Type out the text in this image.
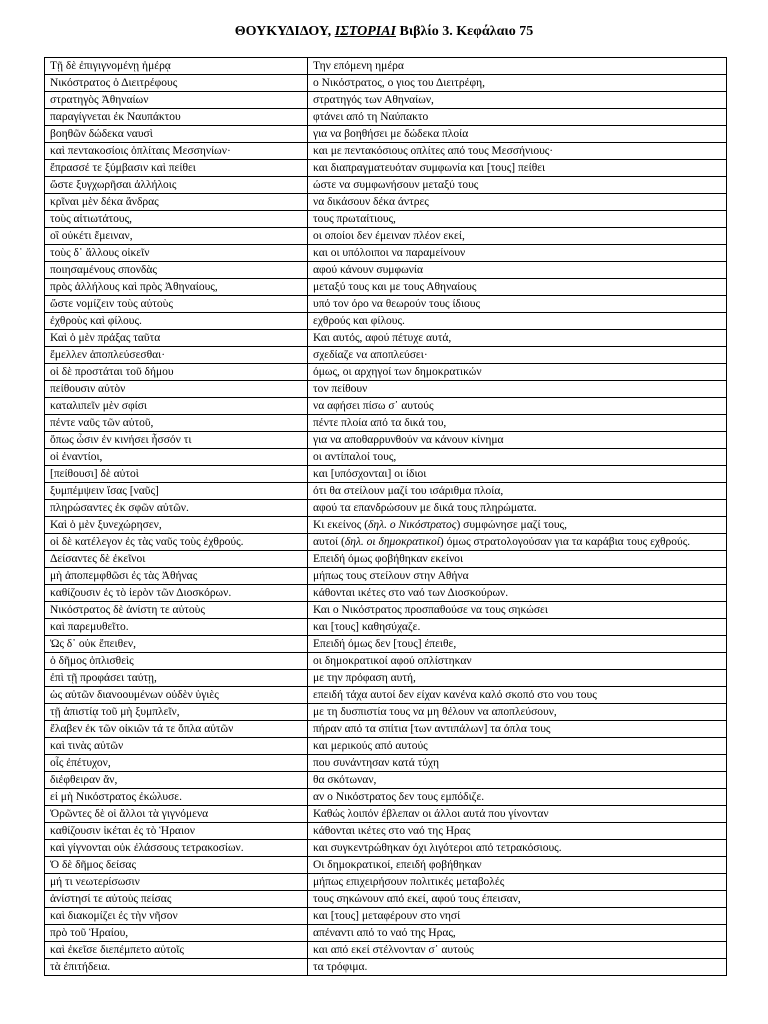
ΘΟΥΚΥΔΙΔΟΥ, ΙΣΤΟΡΙΑΙ Βιβλίο 3. Κεφάλαιο 75
Τῇ δὲ ἐπιγιγνομένῃ ἡμέρᾳ	Την επόμενη ημέρα
Νικόστρατος ὁ Διειτρέφους	ο Νικόστρατος, ο γιος του Διειτρέφη,
στρατηγὸς Ἀθηναίων	στρατηγός των Αθηναίων,
παραγίγνεται ἐκ Ναυπάκτου	φτάνει από τη Ναύπακτο
βοηθῶν δώδεκα ναυσὶ	για να βοηθήσει με δώδεκα πλοία
καὶ πεντακοσίοις ὁπλίταις Μεσσηνίων·	και με πεντακόσιους οπλίτες από τους Μεσσήνιους·
ἔπρασσέ τε ξύμβασιν καὶ πείθει	και διαπραγματευόταν συμφωνία και [τους] πείθει
ὥστε ξυγχωρῆσαι ἀλλήλοις	ώστε να συμφωνήσουν μεταξύ τους
κρῖναι μὲν δέκα ἄνδρας	να δικάσουν δέκα άντρες
τοὺς αἰτιωτάτους,	τους πρωταίτιους,
οἳ οὐκέτι ἔμειναν,	οι οποίοι δεν έμειναν πλέον εκεί,
τοὺς δ᾽ ἄλλους οἰκεῖν	και οι υπόλοιποι να παραμείνουν
ποιησαμένους σπονδὰς	αφού κάνουν συμφωνία
πρὸς ἀλλήλους καὶ πρὸς Ἀθηναίους,	μεταξύ τους και με τους Αθηναίους
ὥστε νομίζειν τοὺς αὐτοὺς	υπό τον όρο να θεωρούν τους ίδιους
ἐχθροὺς καὶ φίλους.	εχθρούς και φίλους.
Καὶ ὁ μὲν πράξας ταῦτα	Και αυτός, αφού πέτυχε αυτά,
ἔμελλεν ἀποπλεύσεσθαι·	σχεδίαζε να αποπλεύσει·
οἱ δὲ προστάται τοῦ δήμου	όμως, οι αρχηγοί των δημοκρατικών
πείθουσιν αὐτὸν	τον πείθουν
καταλιπεῖν μὲν σφίσι	να αφήσει πίσω σ᾽ αυτούς
πέντε ναῦς τῶν αὐτοῦ,	πέντε πλοία από τα δικά του,
ὅπως ὦσιν ἐν κινήσει ἧσσόν τι	για να αποθαρρυνθούν να κάνουν κίνημα
οἱ ἐναντίοι,	οι αντίπαλοί τους,
[πείθουσι] δὲ αὐτοὶ	και [υπόσχονται] οι ίδιοι
ξυμπέμψειν ἴσας [ναῦς]	ότι θα στείλουν μαζί του ισάριθμα πλοία,
πληρώσαντες ἐκ σφῶν αὐτῶν.	αφού τα επανδρώσουν με δικά τους πληρώματα.
Καὶ ὁ μὲν ξυνεχώρησεν,	Κι εκείνος (δηλ. ο Νικόστρατος) συμφώνησε μαζί τους,
οἱ δὲ κατέλεγον ἐς τὰς ναῦς τοὺς ἐχθρούς.	αυτοί (δηλ. οι δημοκρατικοί) όμως στρατολογούσαν για τα καράβια τους εχθρούς.
Δείσαντες δὲ ἐκεῖνοι	Επειδή όμως φοβήθηκαν εκείνοι
μὴ ἀποπεμφθῶσι ἐς τὰς Ἀθήνας	μήπως τους στείλουν στην Αθήνα
καθίζουσιν ἐς τὸ ἱερὸν τῶν Διοσκόρων.	κάθονται ικέτες στο ναό των Διοσκούρων.
Νικόστρατος δὲ ἀνίστη τε αὐτοὺς	Και ο Νικόστρατος προσπαθούσε να τους σηκώσει
καὶ παρεμυθεῖτο.	και [τους] καθησύχαζε.
Ὡς δ᾽ οὐκ ἔπειθεν,	Επειδή όμως δεν [τους] έπειθε,
ὁ δῆμος ὁπλισθεὶς	οι δημοκρατικοί αφού οπλίστηκαν
ἐπὶ τῇ προφάσει ταύτῃ,	με την πρόφαση αυτή,
ὡς αὐτῶν διανοουμένων οὐδὲν ὑγιὲς	επειδή τάχα αυτοί δεν είχαν κανένα καλό σκοπό στο νου τους
τῇ ἀπιστίᾳ τοῦ μὴ ξυμπλεῖν,	με τη δυσπιστία τους να μη θέλουν να αποπλεύσουν,
ἔλαβεν ἐκ τῶν οἰκιῶν τά τε ὅπλα αὐτῶν	πήραν από τα σπίτια [των αντιπάλων] τα όπλα τους
καὶ τινὰς αὐτῶν	και μερικούς από αυτούς
οἷς ἐπέτυχον,	που συνάντησαν κατά τύχη
διέφθειραν ἄν,	θα σκότωναν,
εἰ μὴ Νικόστρατος ἐκώλυσε.	αν ο Νικόστρατος δεν τους εμπόδιζε.
Ὁρῶντες δὲ οἱ ἄλλοι τὰ γιγνόμενα	Καθώς λοιπόν έβλεπαν οι άλλοι αυτά που γίνονταν
καθίζουσιν ἱκέται ἐς τὸ Ἡραιον	κάθονται ικέτες στο ναό της Ηρας
καὶ γίγνονται οὐκ ἐλάσσους τετρακοσίων.	και συγκεντρώθηκαν όχι λιγότεροι από τετρακόσιους.
Ὁ δὲ δῆμος δείσας	Οι δημοκρατικοί, επειδή φοβήθηκαν
μή τι νεωτερίσωσιν	μήπως επιχειρήσουν πολιτικές μεταβολές
ἀνίστησί τε αὐτοὺς πείσας	τους σηκώνουν από εκεί, αφού τους έπεισαν,
καὶ διακομίζει ἐς τὴν νῆσον	και [τους] μεταφέρουν στο νησί
πρὸ τοῦ Ἡραίου,	απέναντι από το ναό της Ηρας,
καὶ ἐκεῖσε διεπέμπετο αὐτοῖς	και από εκεί στέλνονταν σ᾽ αυτούς
τὰ ἐπιτήδεια.	τα τρόφιμα.
